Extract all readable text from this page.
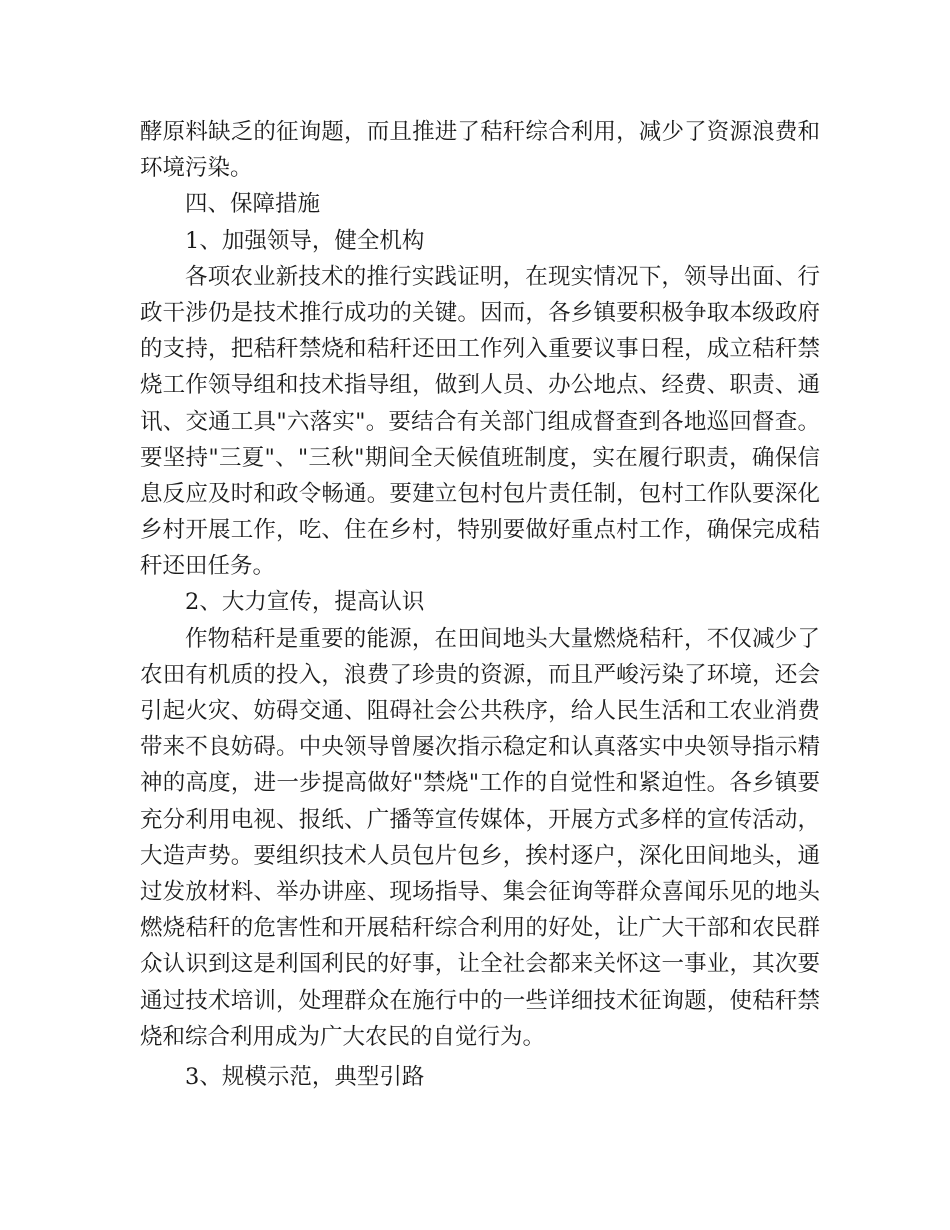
酵原料缺乏的征询题，而且推进了秸秆综合利用，减少了资源浪费和
环境污染。
四、保障措施
1、加强领导，健全机构
各项农业新技术的推行实践证明，在现实情况下，领导出面、行
政干涉仍是技术推行成功的关键。因而，各乡镇要积极争取本级政府
的支持，把秸秆禁烧和秸秆还田工作列入重要议事日程，成立秸秆禁
烧工作领导组和技术指导组，做到人员、办公地点、经费、职责、通
讯、交通工具"六落实"。要结合有关部门组成督查到各地巡回督查。
要坚持"三夏"、"三秋"期间全天候值班制度，实在履行职责，确保信
息反应及时和政令畅通。要建立包村包片责任制，包村工作队要深化
乡村开展工作，吃、住在乡村，特别要做好重点村工作，确保完成秸
秆还田任务。
2、大力宣传，提高认识
作物秸秆是重要的能源，在田间地头大量燃烧秸秆，不仅减少了
农田有机质的投入，浪费了珍贵的资源，而且严峻污染了环境，还会
引起火灾、妨碍交通、阻碍社会公共秩序，给人民生活和工农业消费
带来不良妨碍。中央领导曾屡次指示稳定和认真落实中央领导指示精
神的高度，进一步提高做好"禁烧"工作的自觉性和紧迫性。各乡镇要
充分利用电视、报纸、广播等宣传媒体，开展方式多样的宣传活动，
大造声势。要组织技术人员包片包乡，挨村逐户，深化田间地头，通
过发放材料、举办讲座、现场指导、集会征询等群众喜闻乐见的地头
燃烧秸秆的危害性和开展秸秆综合利用的好处，让广大干部和农民群
众认识到这是利国利民的好事，让全社会都来关怀这一事业，其次要
通过技术培训，处理群众在施行中的一些详细技术征询题，使秸秆禁
烧和综合利用成为广大农民的自觉行为。
3、规模示范，典型引路
